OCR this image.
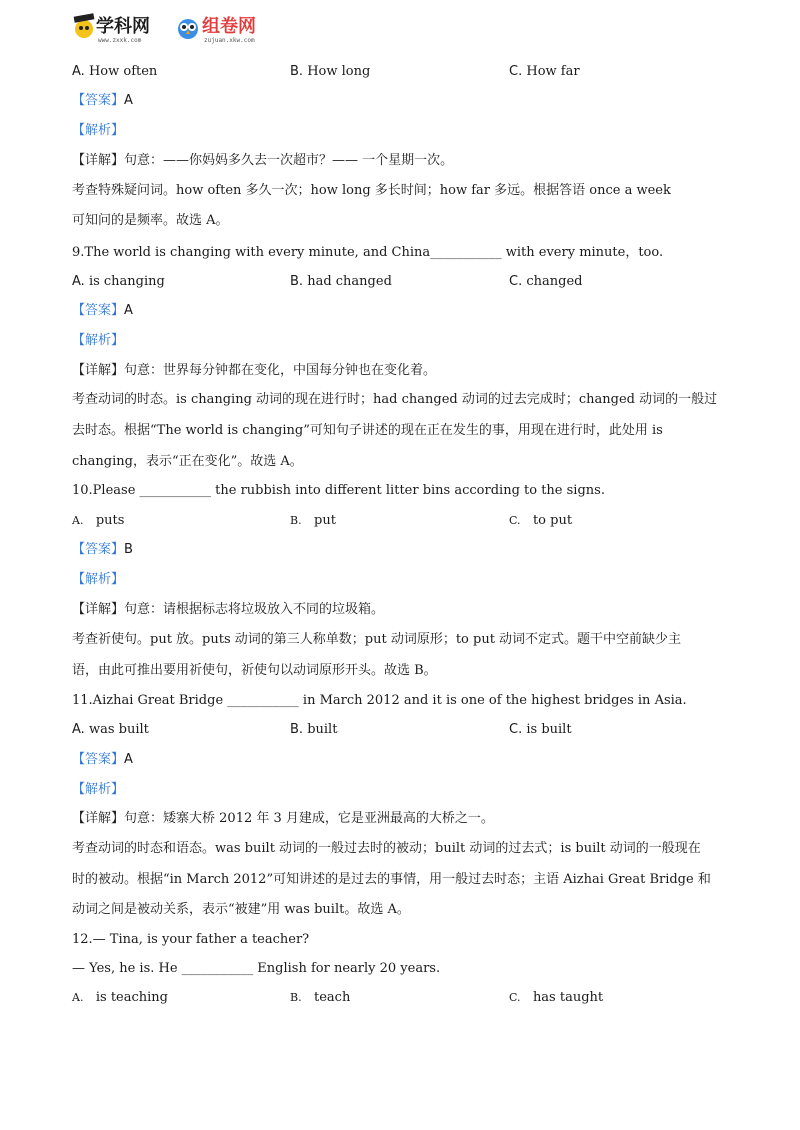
学科网
www.zxxk.com
组卷网
zujuan.xkw.com
A. How often	B. How long	C. How far
【答案】A
【解析】
【详解】句意：——你妈妈多久去一次超市？—— 一个星期一次。
考查特殊疑问词。how often 多久一次；how long 多长时间；how far 多远。根据答语 once a week
可知问的是频率。故选 A。
9.The world is changing with every minute, and China___________ with every minute，too.
A. is changing	B. had changed	C. changed
【答案】A
【解析】
【详解】句意：世界每分钟都在变化，中国每分钟也在变化着。
考查动词的时态。is changing 动词的现在进行时；had changed 动词的过去完成时；changed 动词的一般过
去时态。根据“The world is changing”可知句子讲述的现在正在发生的事，用现在进行时，此处用 is
changing，表示“正在变化”。故选 A。
10.Please ___________ the rubbish into different litter bins according to the signs.
A. puts	B. put	C. to put
【答案】B
【解析】
【详解】句意：请根据标志将垃圾放入不同的垃圾箱。
考查祈使句。put 放。puts 动词的第三人称单数；put 动词原形；to put 动词不定式。题干中空前缺少主
语，由此可推出要用祈使句，祈使句以动词原形开头。故选 B。
11.Aizhai Great Bridge ___________ in March 2012 and it is one of the highest bridges in Asia.
A. was built	B. built	C. is built
【答案】A
【解析】
【详解】句意：矮寨大桥 2012 年 3 月建成，它是亚洲最高的大桥之一。
考查动词的时态和语态。was built 动词的一般过去时的被动；built 动词的过去式；is built 动词的一般现在
时的被动。根据“in March 2012”可知讲述的是过去的事情，用一般过去时态；主语 Aizhai Great Bridge 和
动词之间是被动关系，表示“被建”用 was built。故选 A。
12.— Tina, is your father a teacher?
— Yes, he is. He ___________ English for nearly 20 years.
A. is teaching	B. teach	C. has taught
